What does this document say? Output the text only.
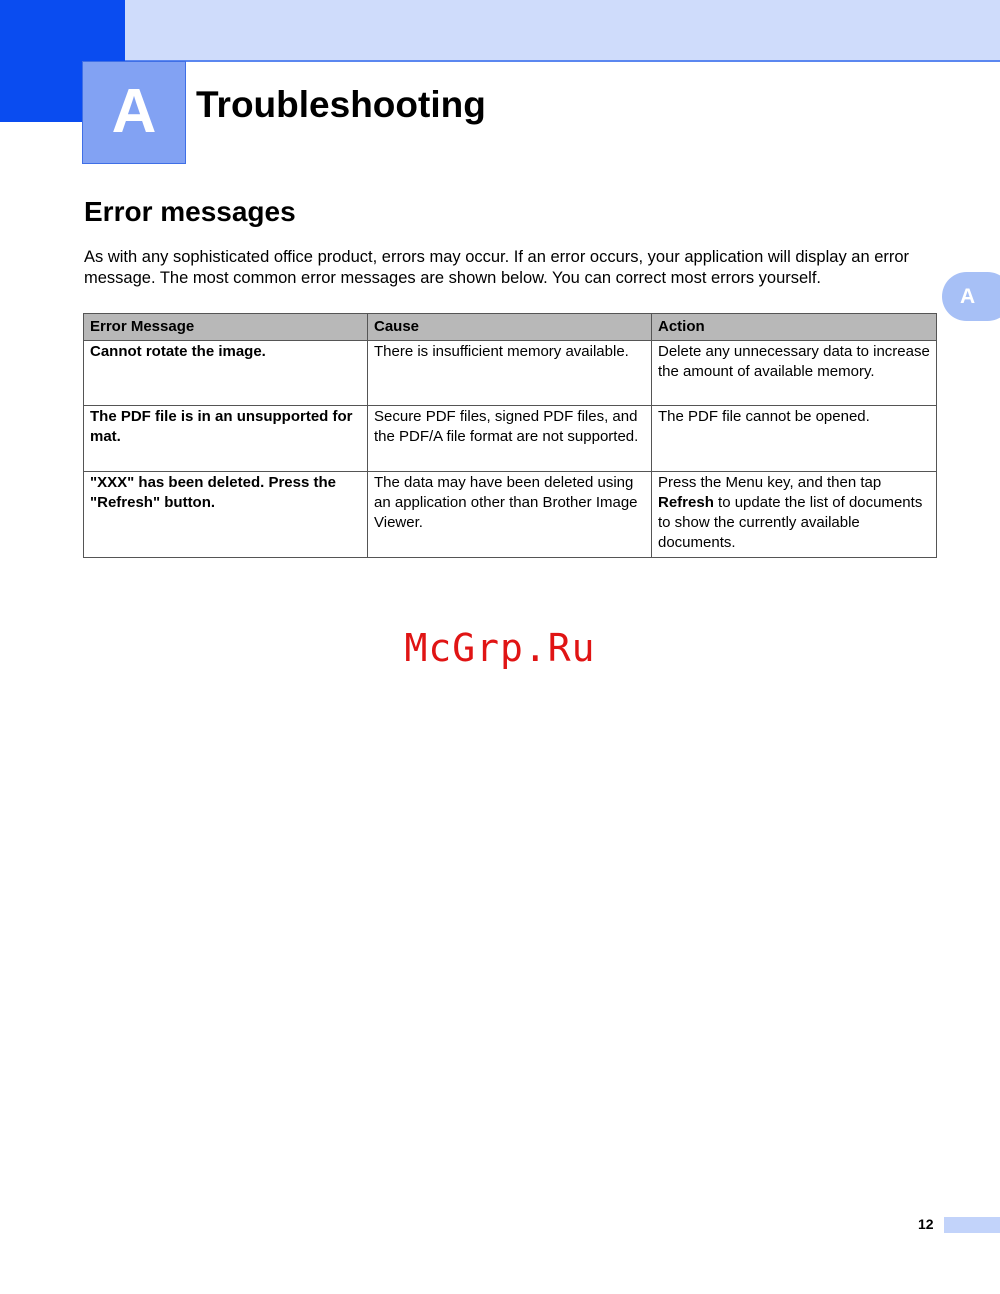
A	Troubleshooting
Error messages

As with any sophisticated office product, errors may occur. If an error occurs, your application will display an error message. The most common error messages are shown below. You can correct most errors yourself.

A
Error Message	Cause	Action
Cannot rotate the image.	There is insufficient memory available.	Delete any unnecessary data to increase the amount of available memory.
The PDF file is in an unsupported format.	Secure PDF files, signed PDF files, and the PDF/A file format are not supported.	The PDF file cannot be opened.
"XXX" has been deleted. Press the "Refresh" button.	The data may have been deleted using an application other than Brother Image Viewer.	Press the Menu key, and then tap Refresh to update the list of documents to show the currently available documents.
McGrp.Ru
12
